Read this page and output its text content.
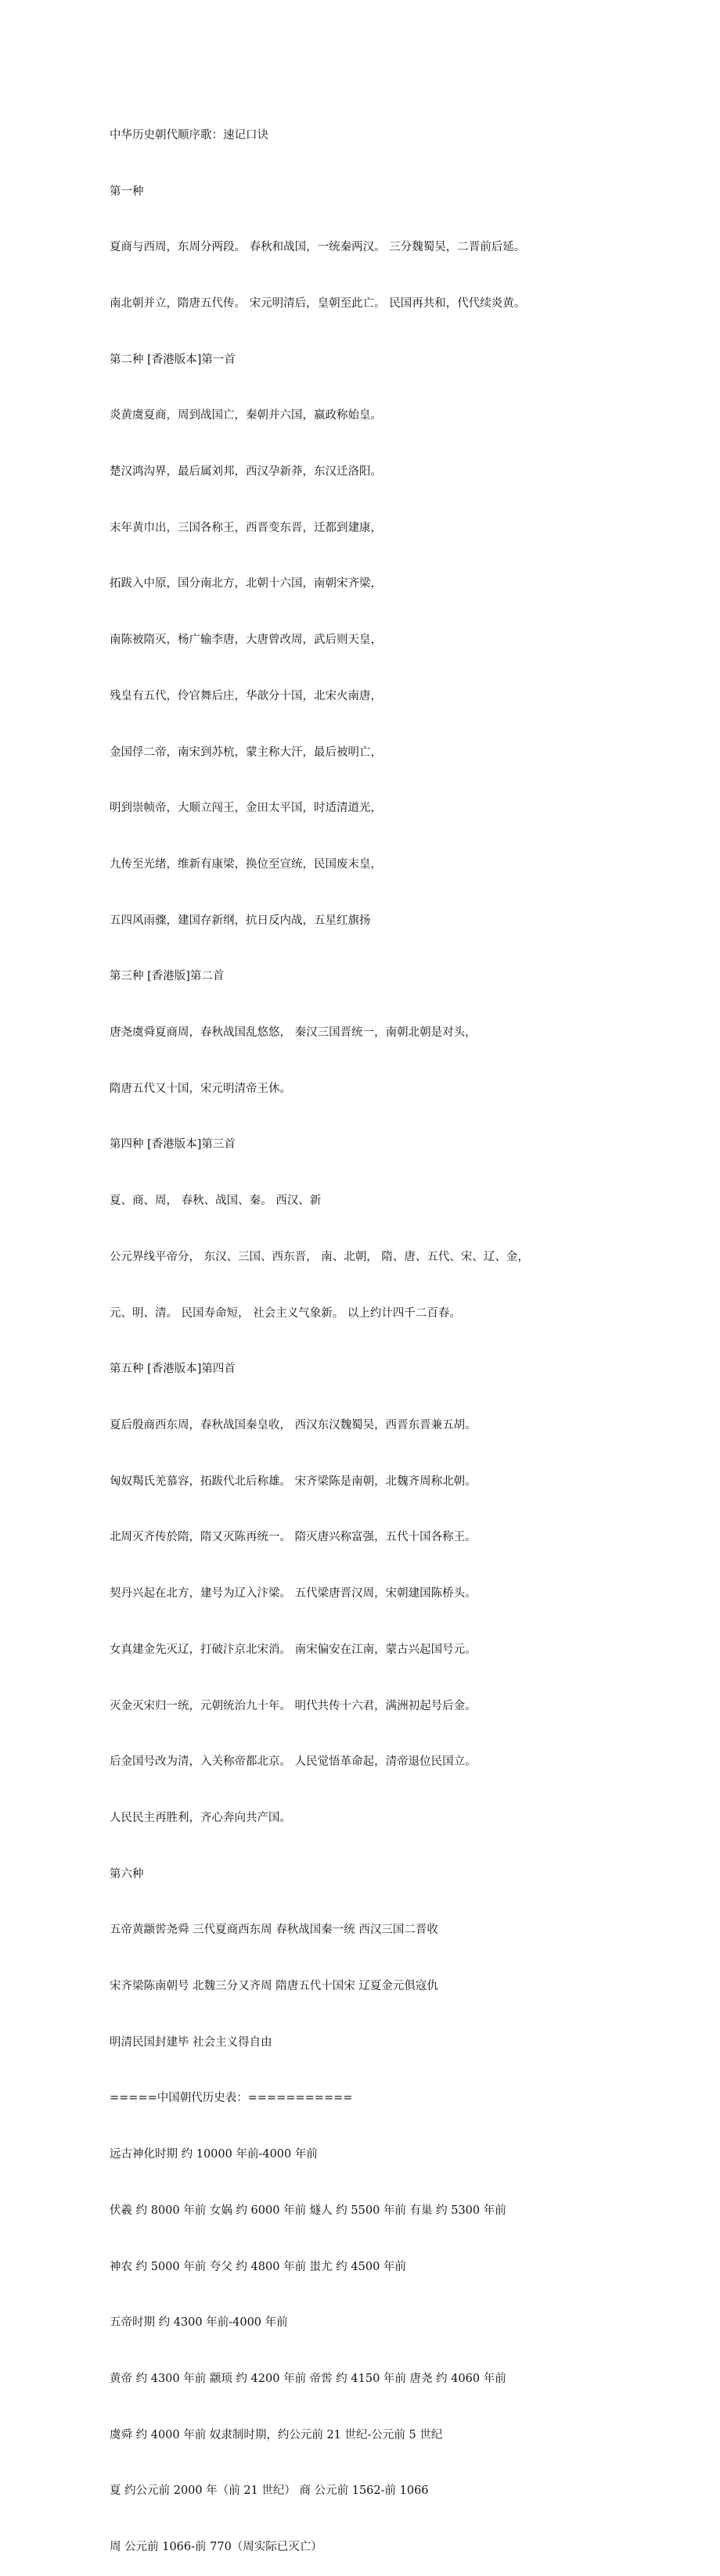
中华历史朝代顺序歌：速记口诀

第一种

夏商与西周，东周分两段。 春秋和战国，一统秦两汉。 三分魏蜀吴，二晋前后延。

南北朝并立，隋唐五代传。 宋元明清后，皇朝至此亡。 民国再共和，代代续炎黄。

第二种 [香港版本]第一首

炎黄虞夏商，周到战国亡，秦朝并六国，嬴政称始皇。

楚汉鸿沟界，最后属刘邦，西汉孕新莽，东汉迁洛阳。

末年黄巾出，三国各称王，西晋变东晋，迁都到建康，

拓跋入中原，国分南北方，北朝十六国，南朝宋齐梁，

南陈被隋灭，杨广输李唐，大唐曾改周，武后则天皇，

残皇有五代，伶官舞后庄，华歆分十国，北宋火南唐，

金国俘二帝，南宋到苏杭，蒙主称大汗，最后被明亡，

明到崇帧帝，大顺立闯王，金田太平国，时适清道光，

九传至光绪，维新有康梁，换位至宣统，民国废末皇，

五四风雨骤，建国存新纲，抗日反内战，五星红旗扬

第三种 [香港版]第二首

唐尧虞舜夏商周，春秋战国乱悠悠， 秦汉三国晋统一，南朝北朝是对头，

隋唐五代又十国，宋元明清帝王休。

第四种 [香港版本]第三首

夏、商、周， 春秋、战国、秦。 西汉、新

公元界线平帝分， 东汉、三国、西东晋， 南、北朝， 隋、唐、五代、宋、辽、金，

元、明、清。 民国寿命短， 社会主义气象新。 以上约计四千二百春。

第五种 [香港版本]第四首

夏后殷商西东周，春秋战国秦皇收， 西汉东汉魏蜀吴，西晋东晋兼五胡。

匈奴羯氏羌慕容，拓跋代北后称雄。 宋齐梁陈是南朝，北魏齐周称北朝。

北周灭齐传於隋，隋又灭陈再统一。 隋灭唐兴称富强，五代十国各称王。

契丹兴起在北方，建号为辽入汴梁。 五代梁唐晋汉周，宋朝建国陈桥头。

女真建金先灭辽，打破汴京北宋消。 南宋偏安在江南，蒙古兴起国号元。

灭金灭宋归一统，元朝统治九十年。 明代共传十六君，满洲初起号后金。

后金国号改为清，入关称帝都北京。 人民觉悟革命起，清帝退位民国立。

人民民主再胜利，齐心奔向共产国。

第六种

五帝黄颛喾尧舜 三代夏商西东周 春秋战国秦一统 西汉三国二晋收

宋齐梁陈南朝号 北魏三分又齐周 隋唐五代十国宋 辽夏金元俱寇仇

明清民国封建毕 社会主义得自由

=====中国朝代历史表：===========

远古神化时期 约 10000 年前-4000 年前

伏羲 约 8000 年前 女娲 约 6000 年前 燧人 约 5500 年前 有巢 约 5300 年前

神农 约 5000 年前 夸父 约 4800 年前 蚩尤 约 4500 年前

五帝时期 约 4300 年前-4000 年前

黄帝 约 4300 年前 颛顼 约 4200 年前 帝喾 约 4150 年前 唐尧 约 4060 年前

虞舜 约 4000 年前 奴隶制时期，约公元前 21 世纪-公元前 5 世纪

夏 约公元前 2000 年（前 21 世纪） 商 公元前 1562-前 1066

周 公元前 1066-前 770（周实际已灭亡）
